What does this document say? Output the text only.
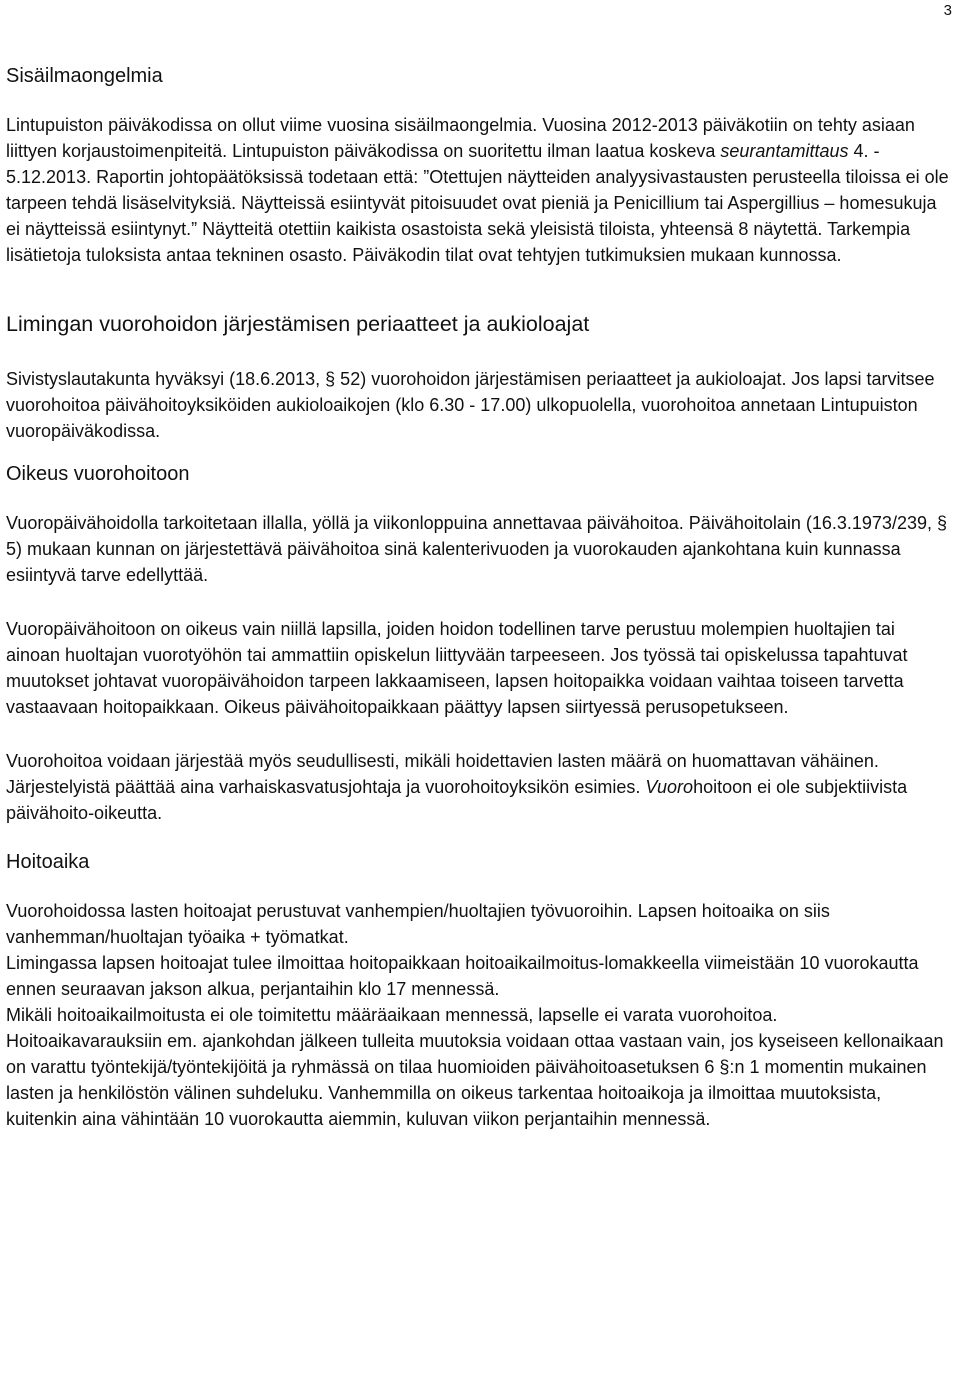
3
Sisäilmaongelmia

Lintupuiston päiväkodissa on ollut viime vuosina sisäilmaongelmia. Vuosina 2012-2013 päiväkotiin on tehty asiaan liittyen korjaustoimenpiteitä. Lintupuiston päiväkodissa on suoritettu ilman laatua koskeva seurantamittaus 4. - 5.12.2013. Raportin johtopäätöksissä todetaan että: ”Otettujen näytteiden analyysivastausten perusteella tiloissa ei ole tarpeen tehdä lisäselvityksiä. Näytteissä esiintyvät pitoisuudet ovat pieniä ja Penicillium tai Aspergillius – homesukuja ei näytteissä esiintynyt.” Näytteitä otettiin kaikista osastoista sekä yleisistä tiloista, yhteensä 8 näytettä. Tarkempia lisätietoja tuloksista antaa tekninen osasto. Päiväkodin tilat ovat tehtyjen tutkimuksien mukaan kunnossa.

Limingan vuorohoidon järjestämisen periaatteet ja aukioloajat

Sivistyslautakunta hyväksyi (18.6.2013, § 52) vuorohoidon järjestämisen periaatteet ja aukioloajat. Jos lapsi tarvitsee vuorohoitoa päivähoitoyksiköiden aukioloaikojen (klo 6.30 - 17.00) ulkopuolella, vuorohoitoa annetaan Lintupuiston vuoropäiväkodissa.

Oikeus vuorohoitoon

Vuoropäivähoidolla tarkoitetaan illalla, yöllä ja viikonloppuina annettavaa päivähoitoa. Päivähoitolain (16.3.1973/239, § 5) mukaan kunnan on järjestettävä päivähoitoa sinä kalenterivuoden ja vuorokauden ajankohtana kuin kunnassa esiintyvä tarve edellyttää.

Vuoropäivähoitoon on oikeus vain niillä lapsilla, joiden hoidon todellinen tarve perustuu molempien huoltajien tai ainoan huoltajan vuorotyöhön tai ammattiin opiskelun liittyvään tarpeeseen. Jos työssä tai opiskelussa tapahtuvat muutokset johtavat vuoropäivähoidon tarpeen lakkaamiseen, lapsen hoitopaikka voidaan vaihtaa toiseen tarvetta vastaavaan hoitopaikkaan. Oikeus päivähoitopaikkaan päättyy lapsen siirtyessä perusopetukseen.

Vuorohoitoa voidaan järjestää myös seudullisesti, mikäli hoidettavien lasten määrä on huomattavan vähäinen. Järjestelyistä päättää aina varhaiskasvatusjohtaja ja vuorohoitoyksikön esimies. Vuorohoitoon ei ole subjektiivista päivähoito-oikeutta.

Hoitoaika

Vuorohoidossa lasten hoitoajat perustuvat vanhempien/huoltajien työvuoroihin. Lapsen hoitoaika on siis vanhemman/huoltajan työaika + työmatkat.

Limingassa lapsen hoitoajat tulee ilmoittaa hoitopaikkaan hoitoaikailmoitus-lomakkeella viimeistään 10 vuorokautta ennen seuraavan jakson alkua, perjantaihin klo 17 mennessä.

Mikäli hoitoaikailmoitusta ei ole toimitettu määräaikaan mennessä, lapselle ei varata vuorohoitoa.

Hoitoaikavarauksiin em. ajankohdan jälkeen tulleita muutoksia voidaan ottaa vastaan vain, jos kyseiseen kellonaikaan on varattu työntekijä/työntekijöitä ja ryhmässä on tilaa huomioiden päivähoitoasetuksen 6 §:n 1 momentin mukainen lasten ja henkilöstön välinen suhdeluku. Vanhemmilla on oikeus tarkentaa hoitoaikoja ja ilmoittaa muutoksista, kuitenkin aina vähintään 10 vuorokautta aiemmin, kuluvan viikon perjantaihin mennessä.
